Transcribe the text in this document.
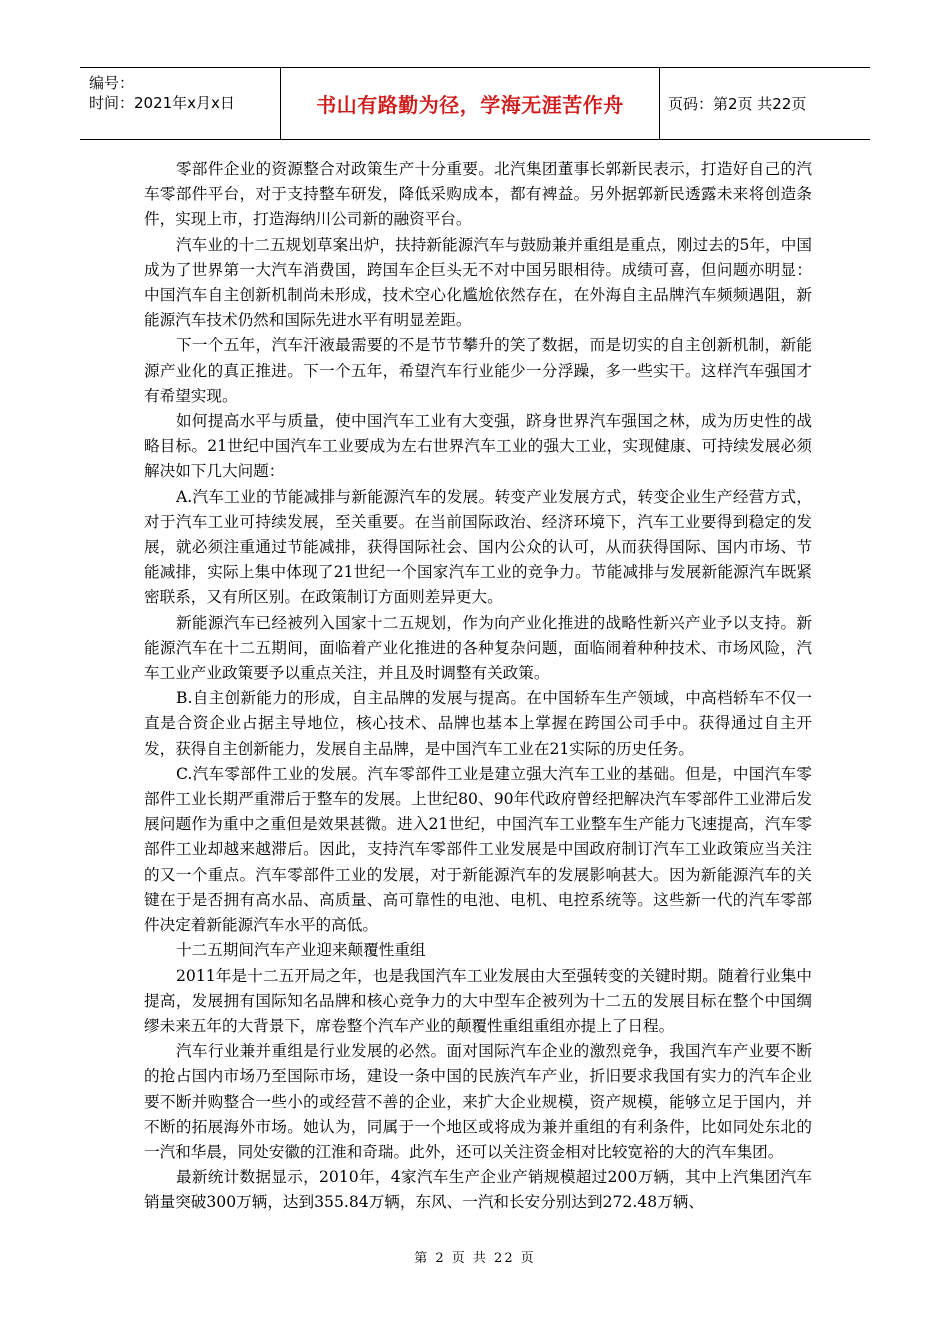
编号：
时间：2021年x月x日	书山有路勤为径，学海无涯苦作舟	页码：第2页 共22页

零部件企业的资源整合对政策生产十分重要。北汽集团董事长郭新民表示，打造好自己的汽车零部件平台，对于支持整车研发，降低采购成本，都有裨益。另外据郭新民透露未来将创造条件，实现上市，打造海纳川公司新的融资平台。

汽车业的十二五规划草案出炉，扶持新能源汽车与鼓励兼并重组是重点，刚过去的5年，中国成为了世界第一大汽车消费国，跨国车企巨头无不对中国另眼相待。成绩可喜，但问题亦明显：中国汽车自主创新机制尚未形成，技术空心化尴尬依然存在，在外海自主品牌汽车频频遇阻，新能源汽车技术仍然和国际先进水平有明显差距。

下一个五年，汽车汗液最需要的不是节节攀升的笑了数据，而是切实的自主创新机制，新能源产业化的真正推进。下一个五年，希望汽车行业能少一分浮躁，多一些实干。这样汽车强国才有希望实现。

如何提高水平与质量，使中国汽车工业有大变强，跻身世界汽车强国之林，成为历史性的战略目标。21世纪中国汽车工业要成为左右世界汽车工业的强大工业，实现健康、可持续发展必须解决如下几大问题：

A.汽车工业的节能减排与新能源汽车的发展。转变产业发展方式，转变企业生产经营方式，对于汽车工业可持续发展，至关重要。在当前国际政治、经济环境下，汽车工业要得到稳定的发展，就必须注重通过节能减排，获得国际社会、国内公众的认可，从而获得国际、国内市场、节能减排，实际上集中体现了21世纪一个国家汽车工业的竞争力。节能减排与发展新能源汽车既紧密联系，又有所区别。在政策制订方面则差异更大。

新能源汽车已经被列入国家十二五规划，作为向产业化推进的战略性新兴产业予以支持。新能源汽车在十二五期间，面临着产业化推进的各种复杂问题，面临闹着种种技术、市场风险，汽车工业产业政策要予以重点关注，并且及时调整有关政策。

B.自主创新能力的形成，自主品牌的发展与提高。在中国轿车生产领域，中高档轿车不仅一直是合资企业占据主导地位，核心技术、品牌也基本上掌握在跨国公司手中。获得通过自主开发，获得自主创新能力，发展自主品牌，是中国汽车工业在21实际的历史任务。

C.汽车零部件工业的发展。汽车零部件工业是建立强大汽车工业的基础。但是，中国汽车零部件工业长期严重滞后于整车的发展。上世纪80、90年代政府曾经把解决汽车零部件工业滞后发展问题作为重中之重但是效果甚微。进入21世纪，中国汽车工业整车生产能力飞速提高，汽车零部件工业却越来越滞后。因此，支持汽车零部件工业发展是中国政府制订汽车工业政策应当关注的又一个重点。汽车零部件工业的发展，对于新能源汽车的发展影响甚大。因为新能源汽车的关键在于是否拥有高水品、高质量、高可靠性的电池、电机、电控系统等。这些新一代的汽车零部件决定着新能源汽车水平的高低。

十二五期间汽车产业迎来颠覆性重组

2011年是十二五开局之年，也是我国汽车工业发展由大至强转变的关键时期。随着行业集中提高，发展拥有国际知名品牌和核心竞争力的大中型车企被列为十二五的发展目标在整个中国绸缪未来五年的大背景下，席卷整个汽车产业的颠覆性重组重组亦提上了日程。

汽车行业兼并重组是行业发展的必然。面对国际汽车企业的激烈竞争，我国汽车产业要不断的抢占国内市场乃至国际市场，建设一条中国的民族汽车产业，折旧要求我国有实力的汽车企业要不断并购整合一些小的或经营不善的企业，来扩大企业规模，资产规模，能够立足于国内，并不断的拓展海外市场。她认为，同属于一个地区或将成为兼并重组的有利条件，比如同处东北的一汽和华晨，同处安徽的江淮和奇瑞。此外，还可以关注资金相对比较宽裕的大的汽车集团。

最新统计数据显示，2010年，4家汽车生产企业产销规模超过200万辆，其中上汽集团汽车销量突破300万辆，达到355.84万辆，东风、一汽和长安分别达到272.48万辆、

第 2 页 共 22 页
